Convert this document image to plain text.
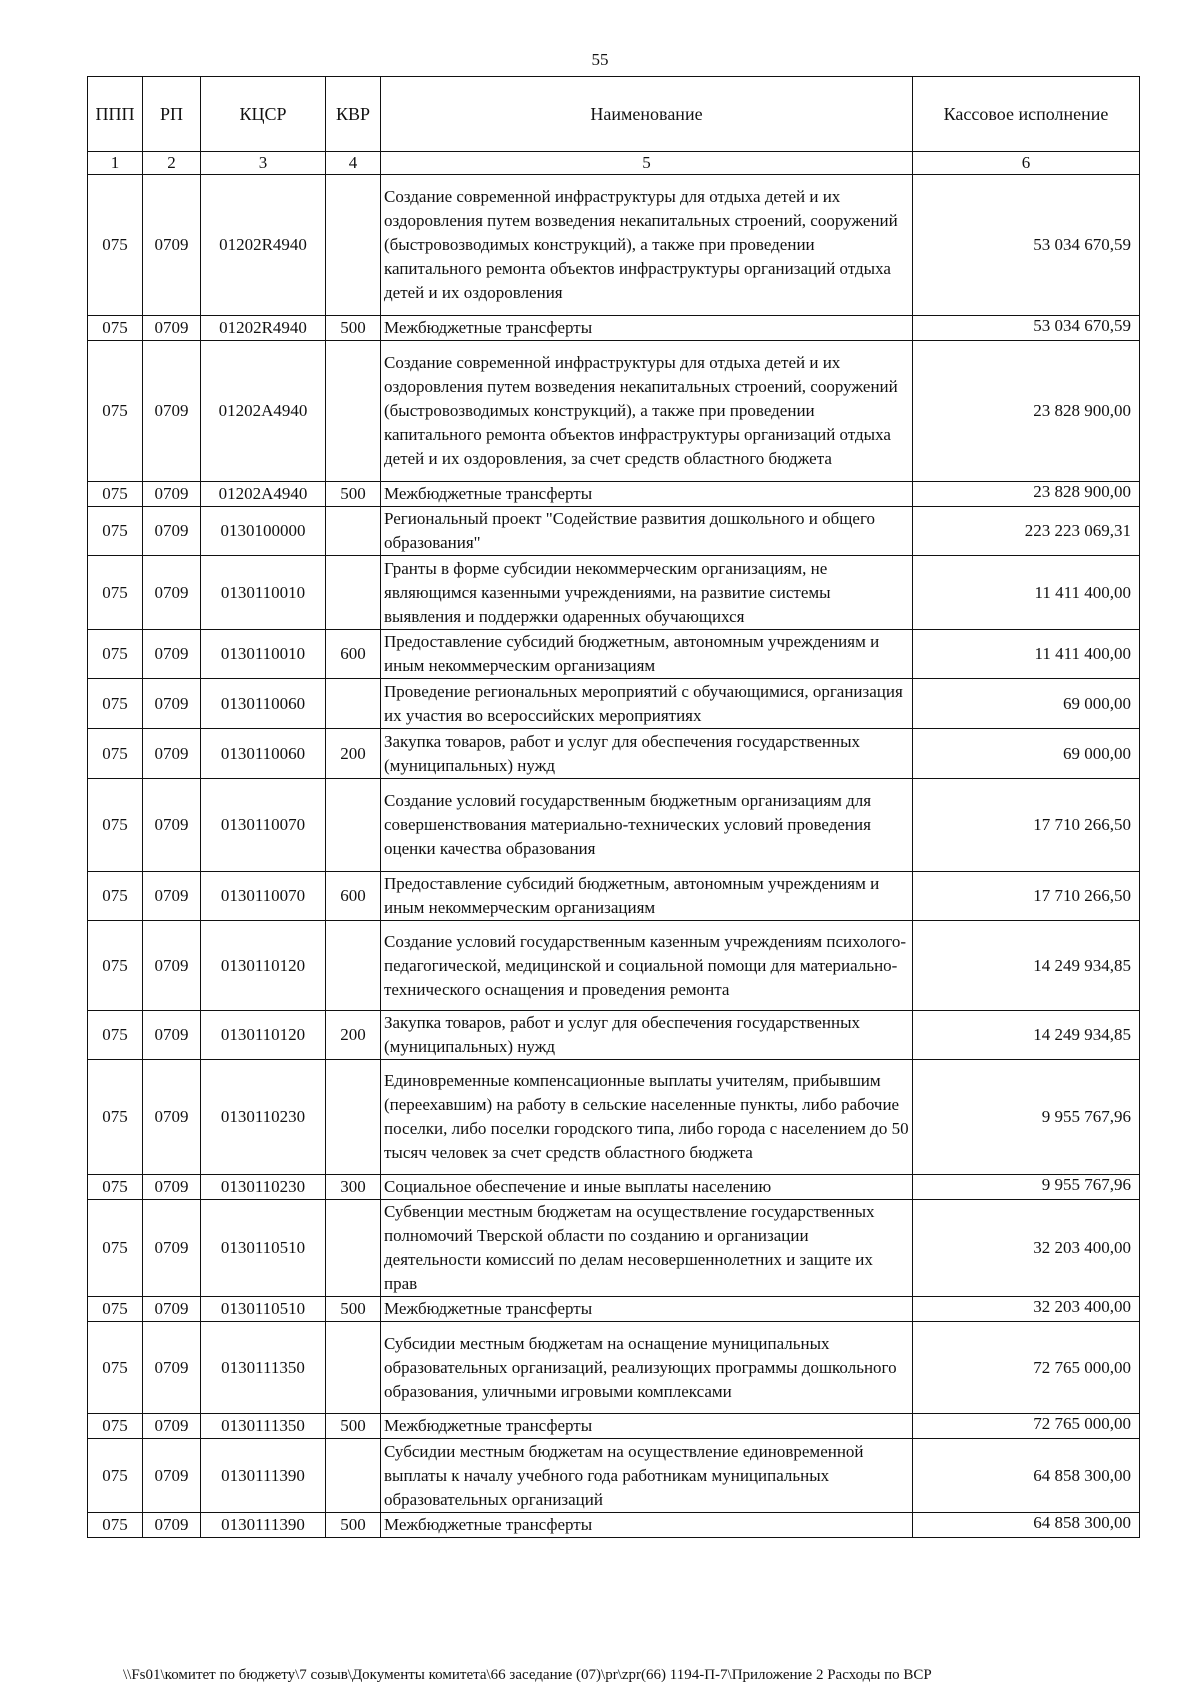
55
ППП	РП	КЦСР	КВР	Наименование	Кассовое исполнение
1	2	3	4	5	6
075	0709	01202R4940		Создание современной инфраструктуры для отдыха детей и их оздоровления путем возведения некапитальных строений, сооружений (быстровозводимых конструкций), а также при проведении капитального ремонта объектов инфраструктуры организаций отдыха детей и их оздоровления	53 034 670,59
075	0709	01202R4940	500	Межбюджетные трансферты	53 034 670,59
075	0709	01202A4940		Создание современной инфраструктуры для отдыха детей и их оздоровления путем возведения некапитальных строений, сооружений (быстровозводимых конструкций), а также при проведении капитального ремонта объектов инфраструктуры организаций отдыха детей и их оздоровления, за счет средств областного бюджета	23 828 900,00
075	0709	01202A4940	500	Межбюджетные трансферты	23 828 900,00
075	0709	0130100000		Региональный проект "Содействие развития дошкольного и общего образования"	223 223 069,31
075	0709	0130110010		Гранты в форме субсидии некоммерческим организациям, не являющимся казенными учреждениями, на развитие системы выявления и поддержки одаренных обучающихся	11 411 400,00
075	0709	0130110010	600	Предоставление субсидий бюджетным, автономным учреждениям и иным некоммерческим организациям	11 411 400,00
075	0709	0130110060		Проведение региональных мероприятий с обучающимися, организация их участия во всероссийских мероприятиях	69 000,00
075	0709	0130110060	200	Закупка товаров, работ и услуг для обеспечения государственных (муниципальных) нужд	69 000,00
075	0709	0130110070		Создание условий государственным бюджетным организациям для совершенствования материально-технических условий проведения оценки качества образования	17 710 266,50
075	0709	0130110070	600	Предоставление субсидий бюджетным, автономным учреждениям и иным некоммерческим организациям	17 710 266,50
075	0709	0130110120		Создание условий государственным казенным учреждениям психолого-педагогической, медицинской и социальной помощи для материально-технического оснащения и проведения ремонта	14 249 934,85
075	0709	0130110120	200	Закупка товаров, работ и услуг для обеспечения государственных (муниципальных) нужд	14 249 934,85
075	0709	0130110230		Единовременные компенсационные выплаты учителям, прибывшим (переехавшим) на работу в сельские населенные пункты, либо рабочие поселки, либо поселки городского типа, либо города с населением до 50 тысяч человек за счет средств областного бюджета	9 955 767,96
075	0709	0130110230	300	Социальное обеспечение и иные выплаты населению	9 955 767,96
075	0709	0130110510		Субвенции местным бюджетам на осуществление государственных полномочий Тверской области по созданию и организации деятельности комиссий по делам несовершеннолетних и защите их прав	32 203 400,00
075	0709	0130110510	500	Межбюджетные трансферты	32 203 400,00
075	0709	0130111350		Субсидии местным бюджетам на оснащение муниципальных образовательных организаций, реализующих программы дошкольного образования, уличными игровыми комплексами	72 765 000,00
075	0709	0130111350	500	Межбюджетные трансферты	72 765 000,00
075	0709	0130111390		Субсидии местным бюджетам на осуществление единовременной выплаты к началу учебного года работникам муниципальных образовательных организаций	64 858 300,00
075	0709	0130111390	500	Межбюджетные трансферты	64 858 300,00
\\Fs01\комитет по бюджету\7 созыв\Документы комитета\66 заседание (07)\pr\zpr(66) 1194-П-7\Приложение 2 Расходы по ВСР
